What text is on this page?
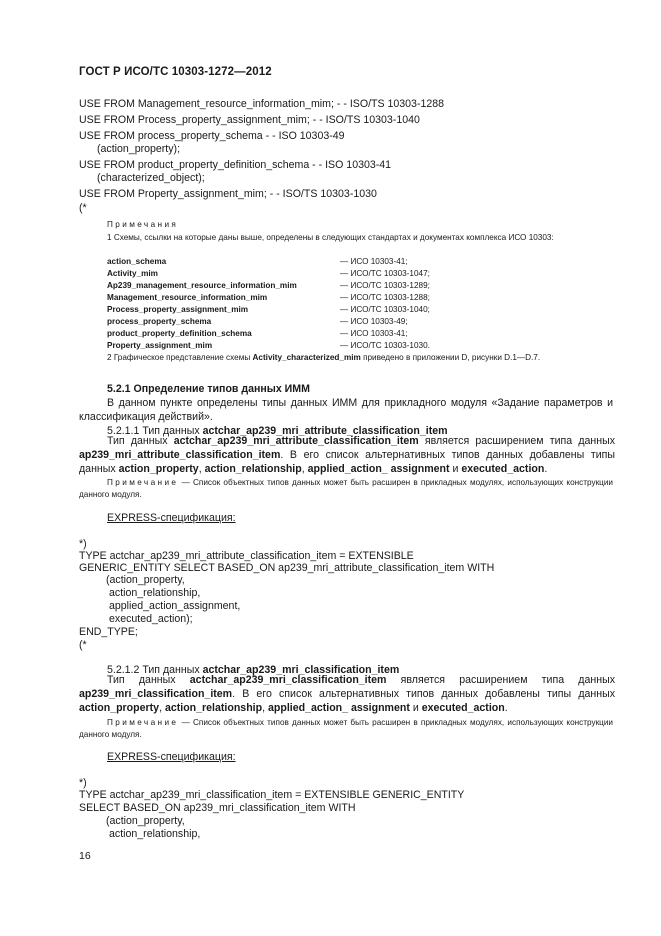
ГОСТ Р ИСО/ТС 10303-1272—2012
USE FROM Management_resource_information_mim; - - ISO/TS 10303-1288
USE FROM Process_property_assignment_mim; - - ISO/TS 10303-1040
USE FROM process_property_schema - - ISO 10303-49
(action_property);
USE FROM product_property_definition_schema - - ISO 10303-41
(characterized_object);
USE FROM Property_assignment_mim; - - ISO/TS 10303-1030
(*
Примечания
1 Схемы, ссылки на которые даны выше, определены в следующих стандартах и документах комплекса ИСО 10303:
action_schema	— ИСО 10303-41;
Activity_mim	— ИСО/ТС 10303-1047;
Ap239_management_resource_information_mim	— ИСО/ТС 10303-1289;
Management_resource_information_mim	— ИСО/ТС 10303-1288;
Process_property_assignment_mim	— ИСО/ТС 10303-1040;
process_property_schema	— ИСО 10303-49;
product_property_definition_schema	— ИСО 10303-41;
Property_assignment_mim	— ИСО/ТС 10303-1030.
2 Графическое представление схемы Activity_characterized_mim приведено в приложении D, рисунки D.1—D.7.
5.2.1 Определение типов данных ИММ
В данном пункте определены типы данных ИММ для прикладного модуля «Задание параметров и классификация действий».
5.2.1.1 Тип данных actchar_ap239_mri_attribute_classification_item
Тип данных actchar_ap239_mri_attribute_classification_item является расширением типа данных ap239_mri_attribute_classification_item. В его список альтернативных типов данных добавлены типы данных action_property, action_relationship, applied_action_ assignment и executed_action.
Примечание — Список объектных типов данных может быть расширен в прикладных модулях, использующих конструкции данного модуля.
EXPRESS-спецификация:
*)
TYPE actchar_ap239_mri_attribute_classification_item = EXTENSIBLE
GENERIC_ENTITY SELECT BASED_ON ap239_mri_attribute_classification_item WITH
(action_property,
action_relationship,
applied_action_assignment,
executed_action);
END_TYPE;
(*
5.2.1.2 Тип данных actchar_ap239_mri_classification_item
Тип данных actchar_ap239_mri_classification_item является расширением типа данных ap239_mri_classification_item. В его список альтернативных типов данных добавлены типы данных action_property, action_relationship, applied_action_ assignment и executed_action.
Примечание — Список объектных типов данных может быть расширен в прикладных модулях, использующих конструкции данного модуля.
EXPRESS-спецификация:
*)
TYPE actchar_ap239_mri_classification_item = EXTENSIBLE GENERIC_ENTITY
SELECT BASED_ON ap239_mri_classification_item WITH
(action_property,
action_relationship,
16
